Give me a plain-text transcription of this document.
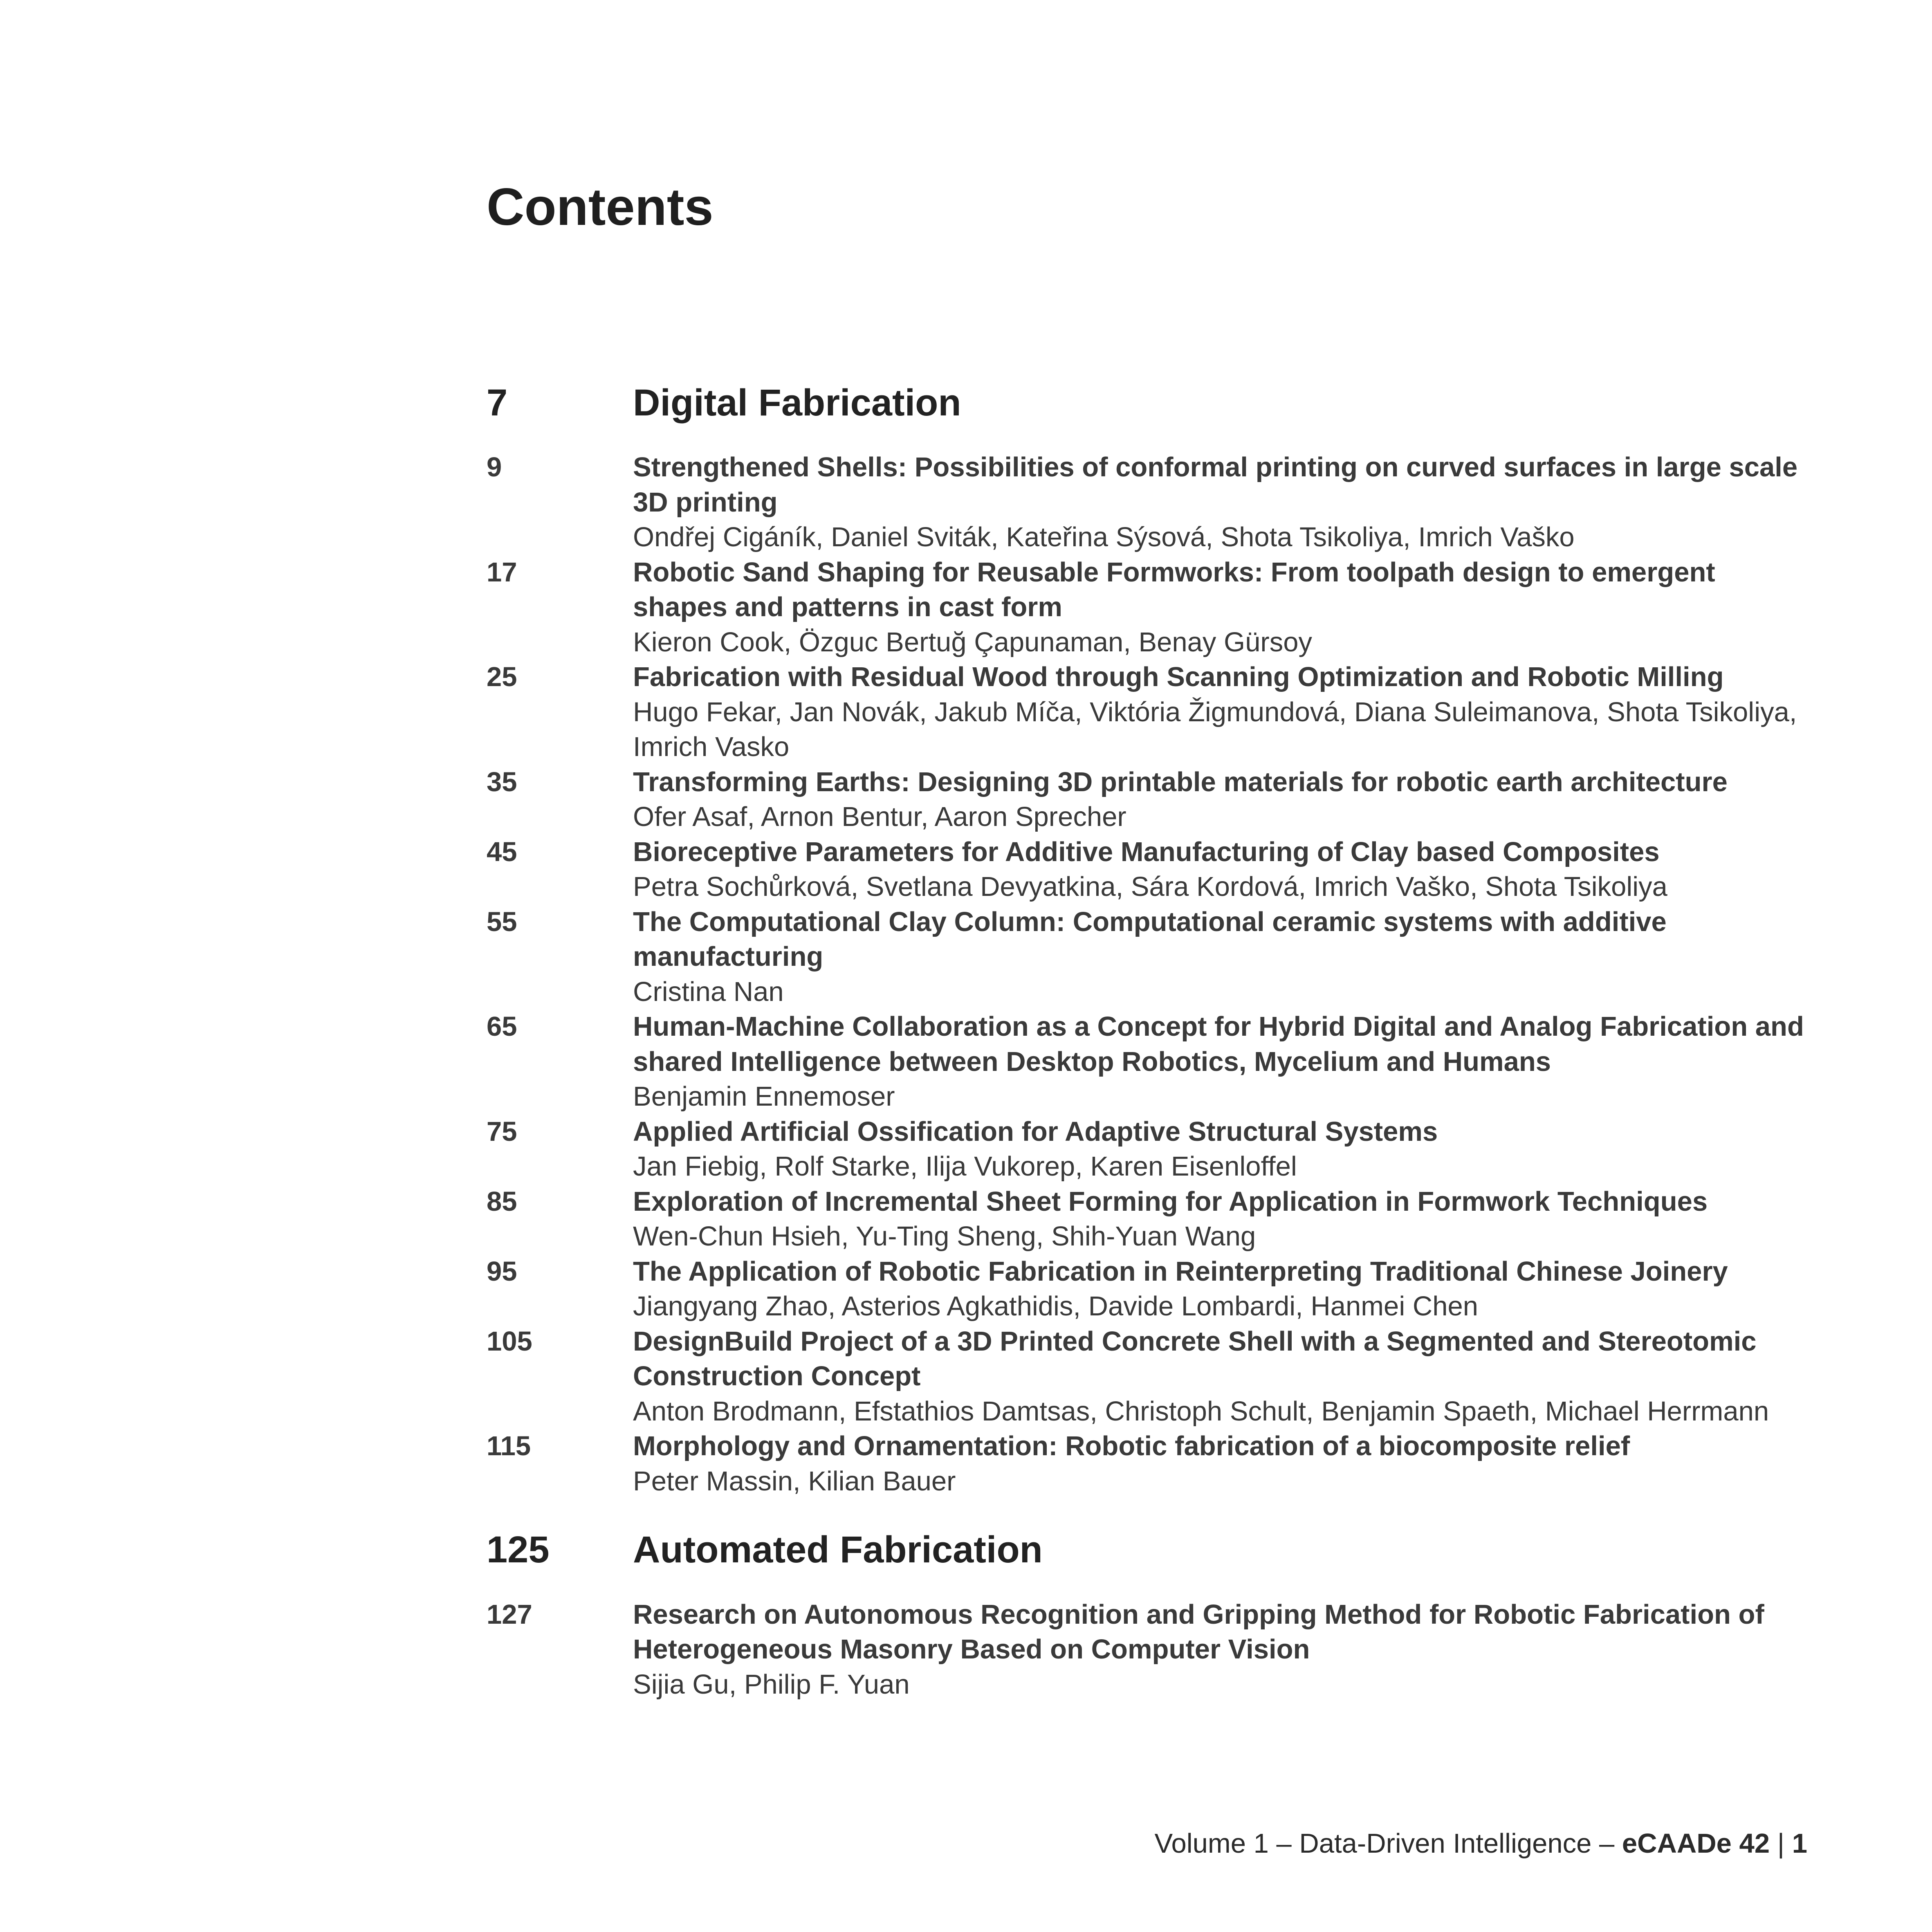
Contents
7	Digital Fabrication
9	Strengthened Shells: Possibilities of conformal printing on curved surfaces in large scale 3D printing
Ondřej Cigáník, Daniel Sviták, Kateřina Sýsová, Shota Tsikoliya, Imrich Vaško
17	Robotic Sand Shaping for Reusable Formworks: From toolpath design to emergent shapes and patterns in cast form
Kieron Cook, Özguc Bertuğ Çapunaman, Benay Gürsoy
25	Fabrication with Residual Wood through Scanning Optimization and Robotic Milling
Hugo Fekar, Jan Novák, Jakub Míča, Viktória Žigmundová, Diana Suleimanova, Shota Tsikoliya, Imrich Vasko
35	Transforming Earths: Designing 3D printable materials for robotic earth architecture
Ofer Asaf, Arnon Bentur, Aaron Sprecher
45	Bioreceptive Parameters for Additive Manufacturing of Clay based Composites
Petra Sochůrková, Svetlana Devyatkina, Sára Kordová, Imrich Vaško, Shota Tsikoliya
55	The Computational Clay Column: Computational ceramic systems with additive manufacturing
Cristina Nan
65	Human-Machine Collaboration as a Concept for Hybrid Digital and Analog Fabrication and shared Intelligence between Desktop Robotics, Mycelium and Humans
Benjamin Ennemoser
75	Applied Artificial Ossification for Adaptive Structural Systems
Jan Fiebig, Rolf Starke, Ilija Vukorep, Karen Eisenloffel
85	Exploration of Incremental Sheet Forming for Application in Formwork Techniques
Wen-Chun Hsieh, Yu-Ting Sheng, Shih-Yuan Wang
95	The Application of Robotic Fabrication in Reinterpreting Traditional Chinese Joinery
Jiangyang Zhao, Asterios Agkathidis, Davide Lombardi, Hanmei Chen
105	DesignBuild Project of a 3D Printed Concrete Shell with a Segmented and Stereotomic Construction Concept
Anton Brodmann, Efstathios Damtsas, Christoph Schult, Benjamin Spaeth, Michael Herrmann
115	Morphology and Ornamentation: Robotic fabrication of a biocomposite relief
Peter Massin, Kilian Bauer
125	Automated Fabrication
127	Research on Autonomous Recognition and Gripping Method for Robotic Fabrication of Heterogeneous Masonry Based on Computer Vision
Sijia Gu, Philip F. Yuan
Volume 1 – Data-Driven Intelligence – eCAADe 42 | 1
